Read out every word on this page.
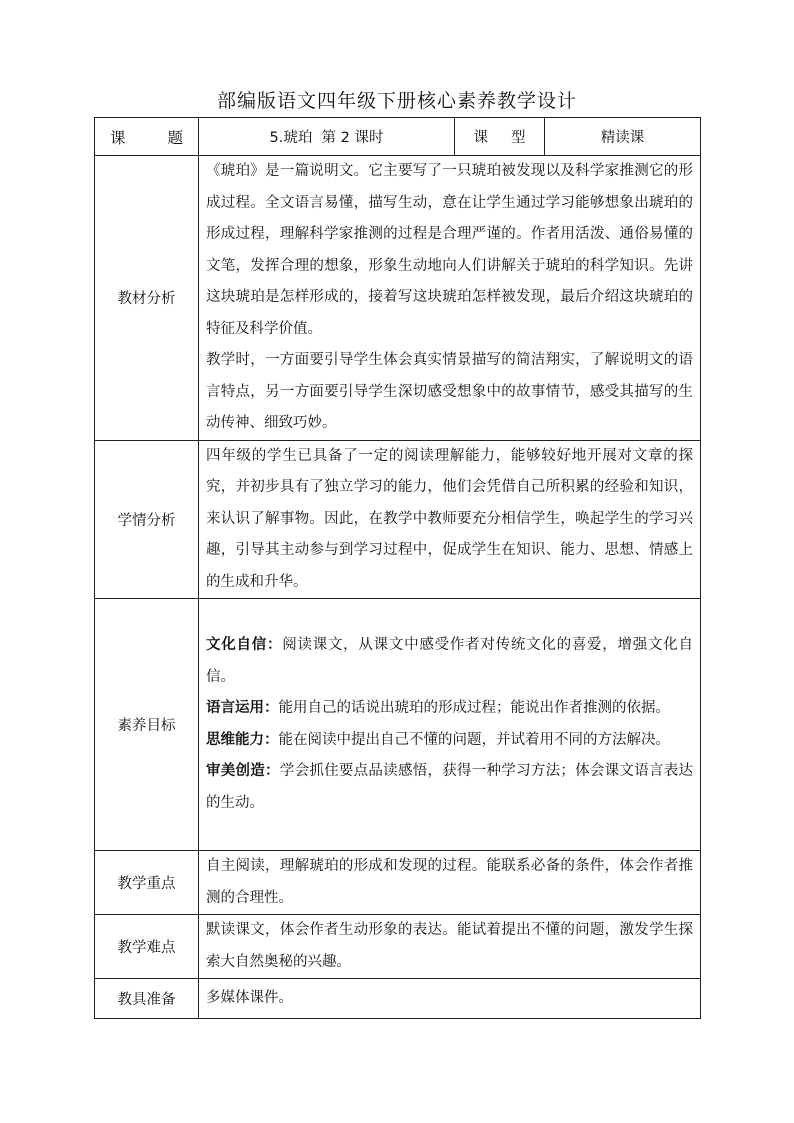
部编版语文四年级下册核心素养教学设计
课 题	5.琥珀  第 2 课时	课     型	精读课
教材分析	《琥珀》是一篇说明文。它主要写了一只琥珀被发现以及科学家推测它的形成过程。全文语言易懂，描写生动，意在让学生通过学习能够想象出琥珀的形成过程，理解科学家推测的过程是合理严谨的。作者用活泼、通俗易懂的文笔，发挥合理的想象，形象生动地向人们讲解关于琥珀的科学知识。先讲这块琥珀是怎样形成的，接着写这块琥珀怎样被发现，最后介绍这块琥珀的特征及科学价值。

教学时，一方面要引导学生体会真实情景描写的简洁翔实，了解说明文的语言特点，另一方面要引导学生深切感受想象中的故事情节，感受其描写的生动传神、细致巧妙。		

学情分析	四年级的学生已具备了一定的阅读理解能力，能够较好地开展对文章的探究，并初步具有了独立学习的能力，他们会凭借自己所积累的经验和知识，来认识了解事物。因此，在教学中教师要充分相信学生，唤起学生的学习兴趣，引导其主动参与到学习过程中，促成学生在知识、能力、思想、情感上的生成和升华。		

素养目标	文化自信：阅读课文，从课文中感受作者对传统文化的喜爱，增强文化自信。

语言运用：能用自己的话说出琥珀的形成过程；能说出作者推测的依据。

思维能力：能在阅读中提出自己不懂的问题，并试着用不同的方法解决。

审美创造：学会抓住要点品读感悟，获得一种学习方法；体会课文语言表达的生动。		

教学重点	自主阅读，理解琥珀的形成和发现的过程。能联系必备的条件，体会作者推测的合理性。		
教学难点	默读课文，体会作者生动形象的表达。能试着提出不懂的问题，激发学生探索大自然奥秘的兴趣。		
教具准备	多媒体课件。		
